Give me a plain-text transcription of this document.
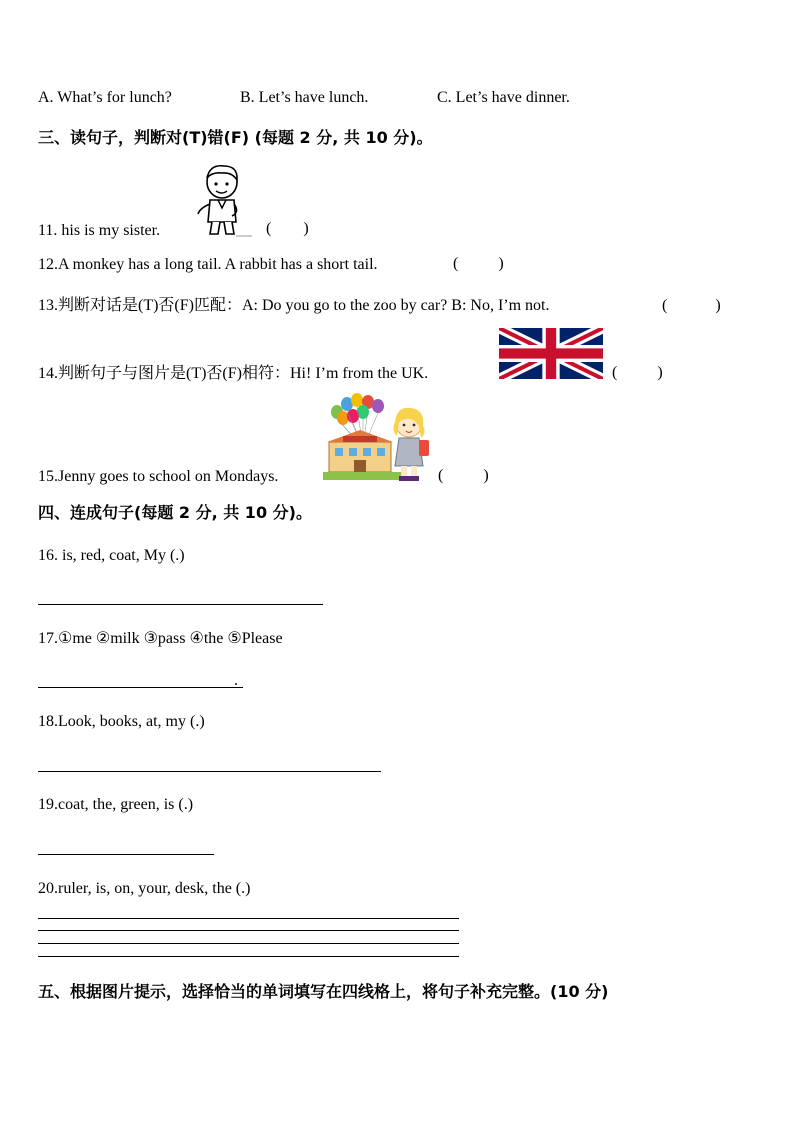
A. What’s for lunch?	B. Let’s have lunch.	C. Let’s have dinner.
三、读句子，判断对(T)错(F) (每题 2 分, 共 10 分)。
11. his is my sister.	(        )
12.A monkey has a long tail. A rabbit has a short tail.	(          )
13.判断对话是(T)否(F)匹配：A: Do you go to the zoo by car? B: No, I’m not.	(            )
14.判断句子与图片是(T)否(F)相符：Hi! I’m from the UK.	(          )
15.Jenny goes to school on Mondays.	(          )
四、连成句子(每题 2 分, 共 10 分)。
16. is, red, coat, My (.)
17.①me ②milk ③pass ④the ⑤Please
.
18.Look, books, at, my (.)
19.coat, the, green, is (.)
20.ruler, is, on, your, desk, the (.)
五、根据图片提示，选择恰当的单词填写在四线格上，将句子补充完整。(10 分)
